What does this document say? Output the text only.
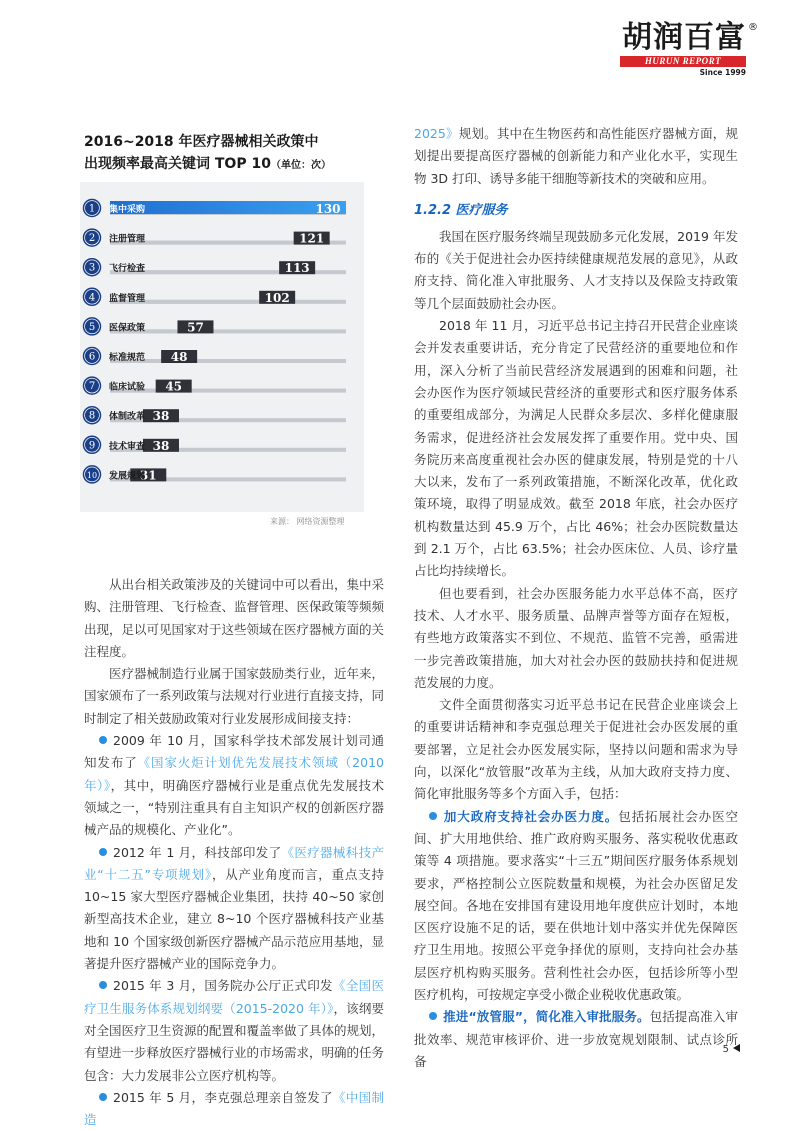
胡润百富 ®
HURUN REPORT
Since 1999
2016~2018 年医疗器械相关政策中
出现频率最高关键词 TOP 10（单位：次）
130
集中采购
1
121
注册管理
2
113
飞行检查
3
102
监督管理
4
57
医保政策
5
48
标准规范
6
45
临床试验
7
38
体制改革
8
38
技术审查
9
31
发展规划
10
来源： 网络资源整理

从出台相关政策涉及的关键词中可以看出，集中采购、注册管理、飞行检查、监督管理、医保政策等频频出现，足以可见国家对于这些领域在医疗器械方面的关注程度。

医疗器械制造行业属于国家鼓励类行业，近年来，国家颁布了一系列政策与法规对行业进行直接支持，同时制定了相关鼓励政策对行业发展形成间接支持：

2009 年 10 月，国家科学技术部发展计划司通知发布了《国家火炬计划优先发展技术领域（2010 年）》，其中，明确医疗器械行业是重点优先发展技术领域之一，“特别注重具有自主知识产权的创新医疗器械产品的规模化、产业化”。

2012 年 1 月，科技部印发了《医疗器械科技产业“十二五”专项规划》，从产业角度而言，重点支持 10~15 家大型医疗器械企业集团，扶持 40~50 家创新型高技术企业，建立 8~10 个医疗器械科技产业基地和 10 个国家级创新医疗器械产品示范应用基地，显著提升医疗器械产业的国际竞争力。

2015 年 3 月，国务院办公厅正式印发《全国医疗卫生服务体系规划纲要（2015-2020 年）》，该纲要对全国医疗卫生资源的配置和覆盖率做了具体的规划，有望进一步释放医疗器械行业的市场需求，明确的任务包含：大力发展非公立医疗机构等。

2015 年 5 月，李克强总理亲自签发了《中国制造

2025》规划。其中在生物医药和高性能医疗器械方面，规划提出要提高医疗器械的创新能力和产业化水平，实现生物 3D 打印、诱导多能干细胞等新技术的突破和应用。

1.2.2 医疗服务

我国在医疗服务终端呈现鼓励多元化发展，2019 年发布的《关于促进社会办医持续健康规范发展的意见》，从政府支持、简化准入审批服务、人才支持以及保险支持政策等几个层面鼓励社会办医。

2018 年 11 月，习近平总书记主持召开民营企业座谈会并发表重要讲话，充分肯定了民营经济的重要地位和作用，深入分析了当前民营经济发展遇到的困难和问题，社会办医作为医疗领域民营经济的重要形式和医疗服务体系的重要组成部分，为满足人民群众多层次、多样化健康服务需求，促进经济社会发展发挥了重要作用。党中央、国务院历来高度重视社会办医的健康发展，特别是党的十八大以来，发布了一系列政策措施，不断深化改革，优化政策环境，取得了明显成效。截至 2018 年底，社会办医疗机构数量达到 45.9 万个，占比 46%；社会办医院数量达到 2.1 万个，占比 63.5%；社会办医床位、人员、诊疗量占比均持续增长。

但也要看到，社会办医服务能力水平总体不高，医疗技术、人才水平、服务质量、品牌声誉等方面存在短板，有些地方政策落实不到位、不规范、监管不完善，亟需进一步完善政策措施，加大对社会办医的鼓励扶持和促进规范发展的力度。

文件全面贯彻落实习近平总书记在民营企业座谈会上的重要讲话精神和李克强总理关于促进社会办医发展的重要部署，立足社会办医发展实际，坚持以问题和需求为导向，以深化“放管服”改革为主线，从加大政府支持力度、简化审批服务等多个方面入手，包括：

加大政府支持社会办医力度。包括拓展社会办医空间、扩大用地供给、推广政府购买服务、落实税收优惠政策等 4 项措施。要求落实“十三五”期间医疗服务体系规划要求，严格控制公立医院数量和规模，为社会办医留足发展空间。各地在安排国有建设用地年度供应计划时，本地区医疗设施不足的话，要在供地计划中落实并优先保障医疗卫生用地。按照公平竞争择优的原则，支持向社会办基层医疗机构购买服务。营利性社会办医，包括诊所等小型医疗机构，可按规定享受小微企业税收优惠政策。

推进“放管服”，简化准入审批服务。包括提高准入审批效率、规范审核评价、进一步放宽规划限制、试点诊所备

5
